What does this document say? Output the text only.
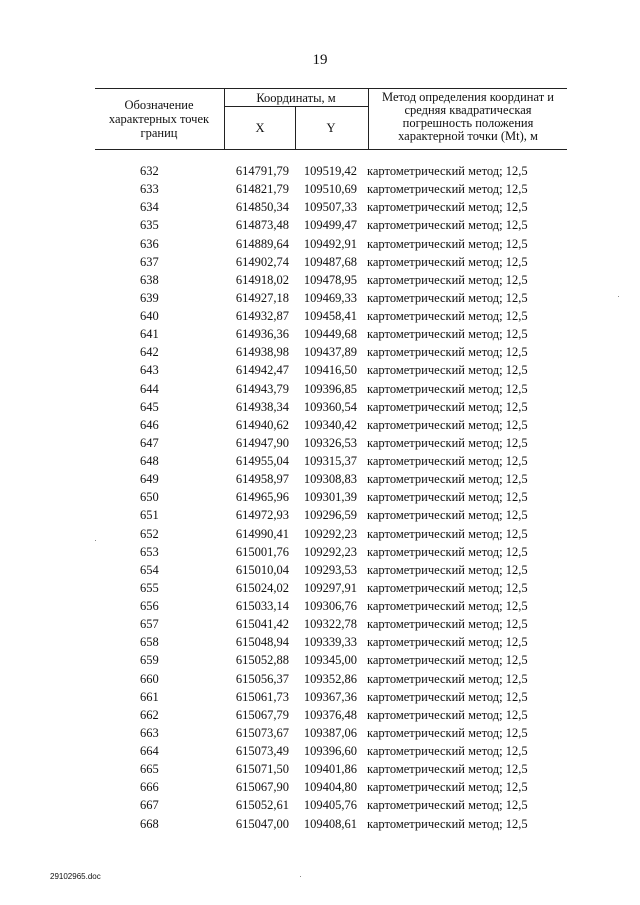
19
Обозначение характерных точек границ
Координаты, м
X	Y
Метод определения координат и средняя квадратическая погрешность положения характерной точки (Mt), м
632	614791,79	109519,42 картометрический метод; 12,5
633	614821,79	109510,69 картометрический метод; 12,5
634	614850,34	109507,33 картометрический метод; 12,5
635	614873,48	109499,47 картометрический метод; 12,5
636	614889,64	109492,91 картометрический метод; 12,5
637	614902,74	109487,68 картометрический метод; 12,5
638	614918,02	109478,95 картометрический метод; 12,5
639	614927,18	109469,33 картометрический метод; 12,5
640	614932,87	109458,41 картометрический метод; 12,5
641	614936,36	109449,68 картометрический метод; 12,5
642	614938,98	109437,89 картометрический метод; 12,5
643	614942,47	109416,50 картометрический метод; 12,5
644	614943,79	109396,85 картометрический метод; 12,5
645	614938,34	109360,54 картометрический метод; 12,5
646	614940,62	109340,42 картометрический метод; 12,5
647	614947,90	109326,53 картометрический метод; 12,5
648	614955,04	109315,37 картометрический метод; 12,5
649	614958,97	109308,83 картометрический метод; 12,5
650	614965,96	109301,39 картометрический метод; 12,5
651	614972,93	109296,59 картометрический метод; 12,5
652	614990,41	109292,23 картометрический метод; 12,5
653	615001,76	109292,23 картометрический метод; 12,5
654	615010,04	109293,53 картометрический метод; 12,5
655	615024,02	109297,91 картометрический метод; 12,5
656	615033,14	109306,76 картометрический метод; 12,5
657	615041,42	109322,78 картометрический метод; 12,5
658	615048,94	109339,33 картометрический метод; 12,5
659	615052,88	109345,00 картометрический метод; 12,5
660	615056,37	109352,86 картометрический метод; 12,5
661	615061,73	109367,36 картометрический метод; 12,5
662	615067,79	109376,48 картометрический метод; 12,5
663	615073,67	109387,06 картометрический метод; 12,5
664	615073,49	109396,60 картометрический метод; 12,5
665	615071,50	109401,86 картометрический метод; 12,5
666	615067,90	109404,80 картометрический метод; 12,5
667	615052,61	109405,76 картометрический метод; 12,5
668	615047,00	109408,61 картометрический метод; 12,5
29102965.doc
